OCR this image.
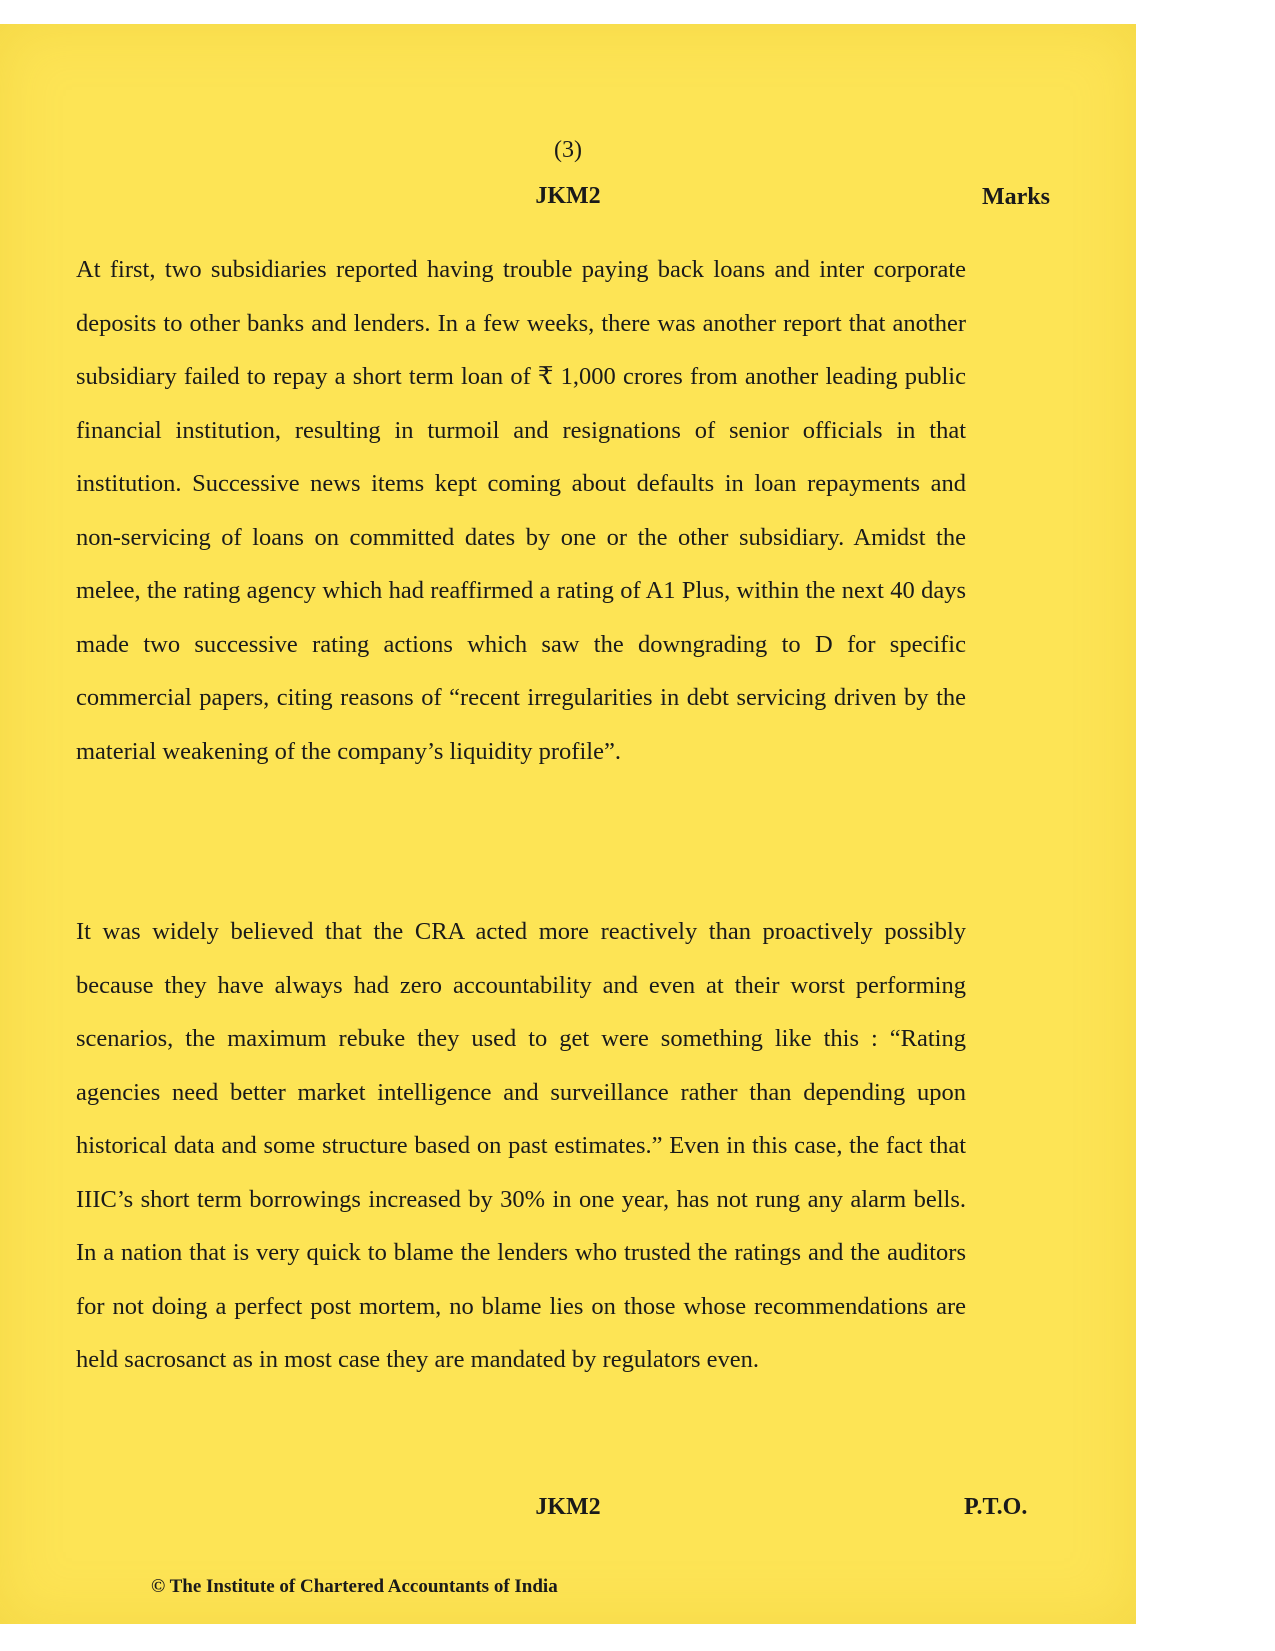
(3)
JKM2	Marks

At first, two subsidiaries reported having trouble paying back loans and inter corporate deposits to other banks and lenders. In a few weeks, there was another report that another subsidiary failed to repay a short term loan of ₹ 1,000 crores from another leading public financial institution, resulting in turmoil and resignations of senior officials in that institution. Successive news items kept coming about defaults in loan repayments and non-servicing of loans on committed dates by one or the other subsidiary. Amidst the melee, the rating agency which had reaffirmed a rating of A1 Plus, within the next 40 days made two successive rating actions which saw the downgrading to D for specific commercial papers, citing reasons of “recent irregularities in debt servicing driven by the material weakening of the company’s liquidity profile”.

It was widely believed that the CRA acted more reactively than proactively possibly because they have always had zero accountability and even at their worst performing scenarios, the maximum rebuke they used to get were something like this : “Rating agencies need better market intelligence and surveillance rather than depending upon historical data and some structure based on past estimates.” Even in this case, the fact that IIIC’s short term borrowings increased by 30% in one year, has not rung any alarm bells. In a nation that is very quick to blame the lenders who trusted the ratings and the auditors for not doing a perfect post mortem, no blame lies on those whose recommendations are held sacrosanct as in most case they are mandated by regulators even.

JKM2	P.T.O.
© The Institute of Chartered Accountants of India
